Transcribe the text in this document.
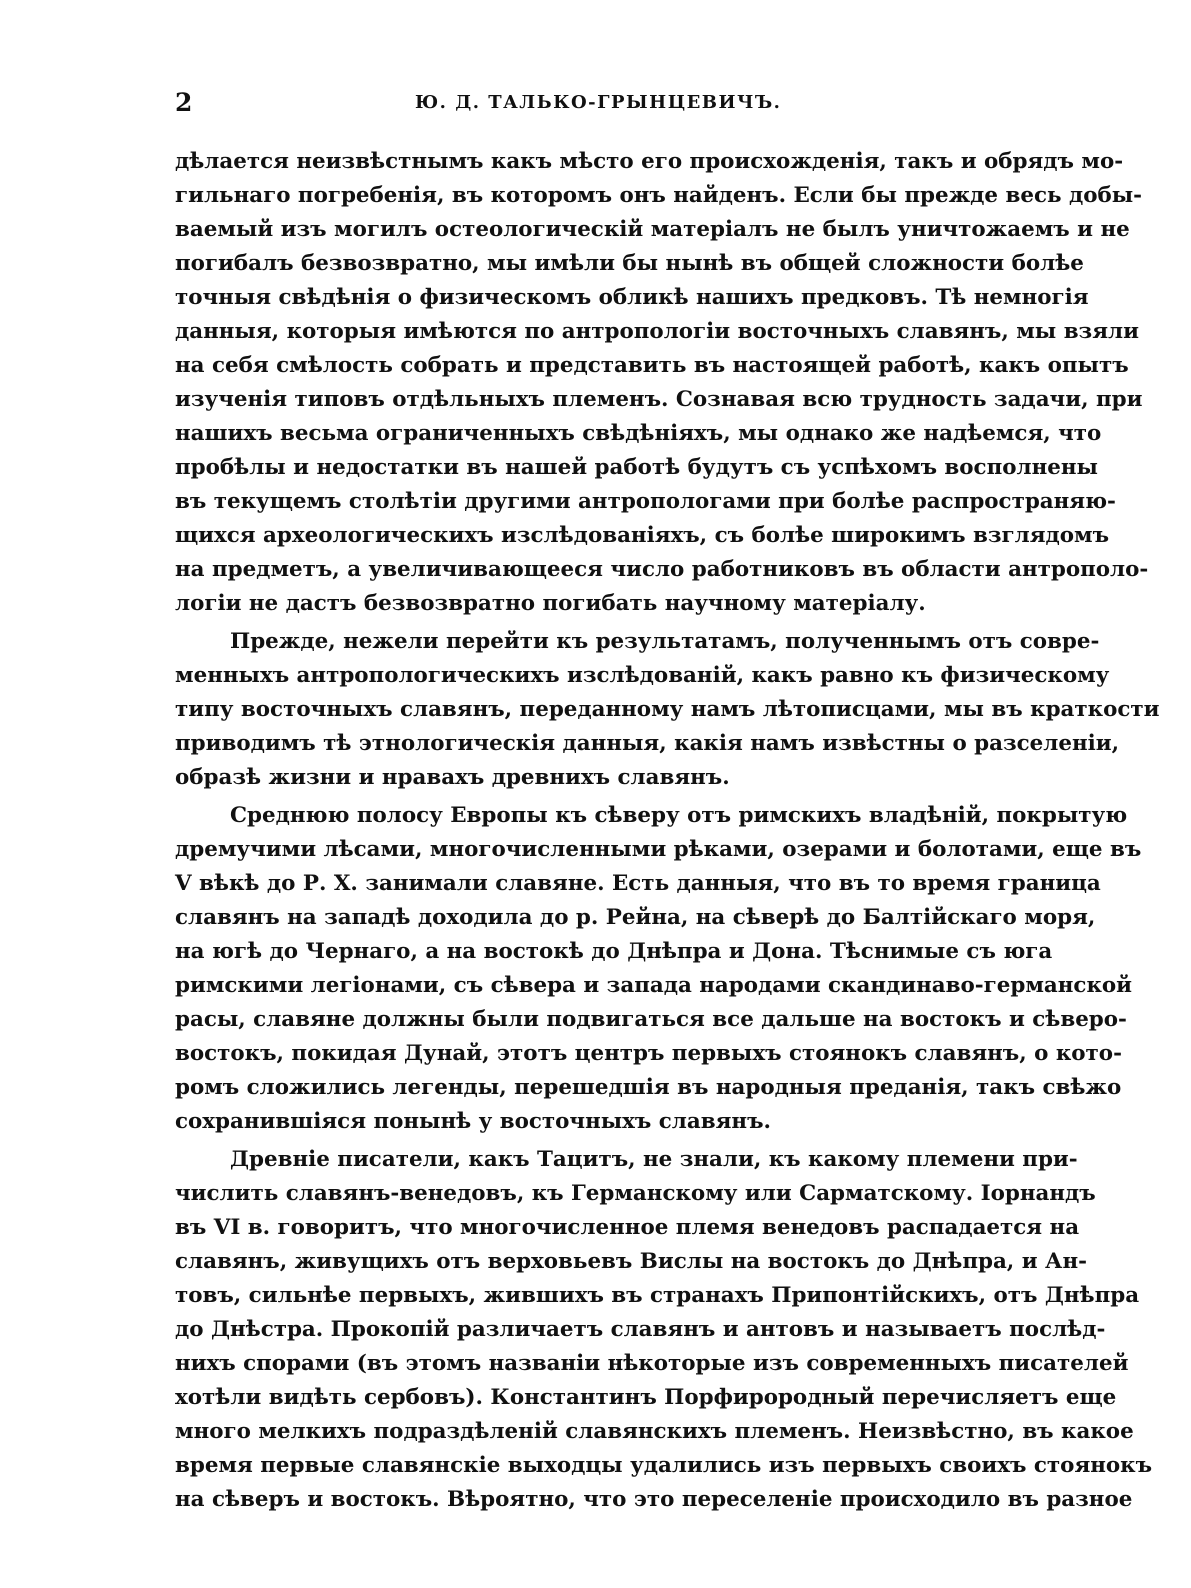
2	Ю. Д. ТАЛЬКО-ГРЫНЦЕВИЧЪ.
дѣлается неизвѣстнымъ какъ мѣсто его происхожденія, такъ и обрядъ мо-
гильнаго погребенія, въ которомъ онъ найденъ. Если бы прежде весь добы-
ваемый изъ могилъ остеологическій матеріалъ не былъ уничтожаемъ и не
погибалъ безвозвратно, мы имѣли бы нынѣ въ общей сложности болѣе
точныя свѣдѣнія о физическомъ обликѣ нашихъ предковъ. Тѣ немногія
данныя, которыя имѣются по антропологіи восточныхъ славянъ, мы взяли
на себя смѣлость собрать и представить въ настоящей работѣ, какъ опытъ
изученія типовъ отдѣльныхъ племенъ. Сознавая всю трудность задачи, при
нашихъ весьма ограниченныхъ свѣдѣніяхъ, мы однако же надѣемся, что
пробѣлы и недостатки въ нашей работѣ будутъ съ успѣхомъ восполнены
въ текущемъ столѣтіи другими антропологами при болѣе распространяю-
щихся археологическихъ изслѣдованіяхъ, съ болѣе широкимъ взглядомъ
на предметъ, а увеличивающееся число работниковъ въ области антрополо-
логіи не дастъ безвозвратно погибать научному матеріалу.
Прежде, нежели перейти къ результатамъ, полученнымъ отъ совре-
менныхъ антропологическихъ изслѣдованій, какъ равно къ физическому
типу восточныхъ славянъ, переданному намъ лѣтописцами, мы въ краткости
приводимъ тѣ этнологическія данныя, какія намъ извѣстны о разселеніи,
образѣ жизни и нравахъ древнихъ славянъ.
Среднюю полосу Европы къ сѣверу отъ римскихъ владѣній, покрытую
дремучими лѣсами, многочисленными рѣками, озерами и болотами, еще въ
V вѣкѣ до Р. X. занимали славяне. Есть данныя, что въ то время граница
славянъ на западѣ доходила до р. Рейна, на сѣверѣ до Балтійскаго моря,
на югѣ до Чернаго, а на востокѣ до Днѣпра и Дона. Тѣснимые съ юга
римскими легіонами, съ сѣвера и запада народами скандинаво-германской
расы, славяне должны были подвигаться все дальше на востокъ и сѣверо-
востокъ, покидая Дунай, этотъ центръ первыхъ стоянокъ славянъ, о кото-
ромъ сложились легенды, перешедшія въ народныя преданія, такъ свѣжо
сохранившіяся понынѣ у восточныхъ славянъ.
Древніе писатели, какъ Тацитъ, не знали, къ какому племени при-
числить славянъ-венедовъ, къ Германскому или Сарматскому. Іорнандъ
въ VI в. говоритъ, что многочисленное племя венедовъ распадается на
славянъ, живущихъ отъ верховьевъ Вислы на востокъ до Днѣпра, и Ан-
товъ, сильнѣе первыхъ, жившихъ въ странахъ Припонтійскихъ, отъ Днѣпра
до Днѣстра. Прокопій различаетъ славянъ и антовъ и называетъ послѣд-
нихъ спорами (въ этомъ названіи нѣкоторые изъ современныхъ писателей
хотѣли видѣть сербовъ). Константинъ Порфирородный перечисляетъ еще
много мелкихъ подраздѣленій славянскихъ племенъ. Неизвѣстно, въ какое
время первые славянскіе выходцы удалились изъ первыхъ своихъ стоянокъ
на сѣверъ и востокъ. Вѣроятно, что это переселеніе происходило въ разное
